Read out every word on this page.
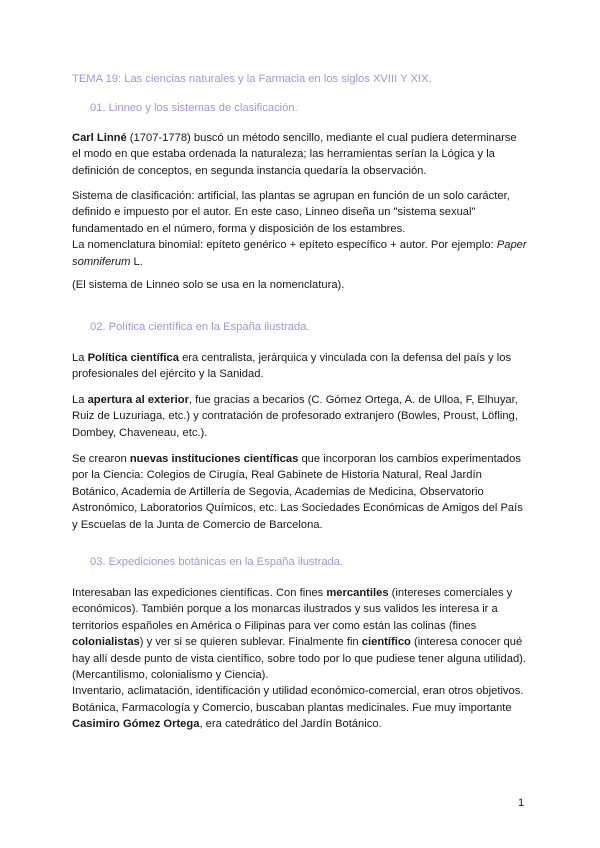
TEMA 19: Las ciencias naturales y la Farmacia en los siglos XVIII Y XIX.
01. Linneo y los sistemas de clasificación.
Carl Linné (1707-1778) buscó un método sencillo, mediante el cual pudiera determinarse el modo en que estaba ordenada la naturaleza; las herramientas serían la Lógica y la definición de conceptos, en segunda instancia quedaría la observación.
Sistema de clasificación: artificial, las plantas se agrupan en función de un solo carácter, definido e impuesto por el autor. En este caso, Linneo diseña un "sistema sexual" fundamentado en el número, forma y disposición de los estambres.
La nomenclatura binomial: epíteto genérico + epíteto específico + autor. Por ejemplo: Paper somniferum L.
(El sistema de Linneo solo se usa en la nomenclatura).
02. Política científica en la España ilustrada.
La Política científica era centralista, jerárquica y vinculada con la defensa del país y los profesionales del ejército y la Sanidad.
La apertura al exterior, fue gracias a becarios (C. Gómez Ortega, A. de Ulloa, F, Elhuyar, Ruiz de Luzuriaga, etc.) y contratación de profesorado extranjero (Bowles, Proust, Löfling, Dombey, Chaveneau, etc.).
Se crearon nuevas instituciones científicas que incorporan los cambios experimentados por la Ciencia: Colegios de Cirugía, Real Gabinete de Historia Natural, Real Jardín Botánico, Academia de Artillería de Segovia, Academias de Medicina, Observatorio Astronómico, Laboratorios Químicos, etc. Las Sociedades Económicas de Amigos del País y Escuelas de la Junta de Comercio de Barcelona.
03. Expediciones botánicas en la España ilustrada.
Interesaban las expediciones científicas. Con fines mercantiles (intereses comerciales y económicos). También porque a los monarcas ilustrados y sus validos les interesa ir a territorios españoles en América o Filipinas para ver como están las colinas (fines colonialistas) y ver si se quieren sublevar. Finalmente fin científico (interesa conocer qué hay allí desde punto de vista científico, sobre todo por lo que pudiese tener alguna utilidad). (Mercantilismo, colonialismo y Ciencia).
Inventario, aclimatación, identificación y utilidad económico-comercial, eran otros objetivos. Botánica, Farmacología y Comercio, buscaban plantas medicinales. Fue muy importante Casimiro Gómez Ortega, era catedrático del Jardín Botánico.
1
